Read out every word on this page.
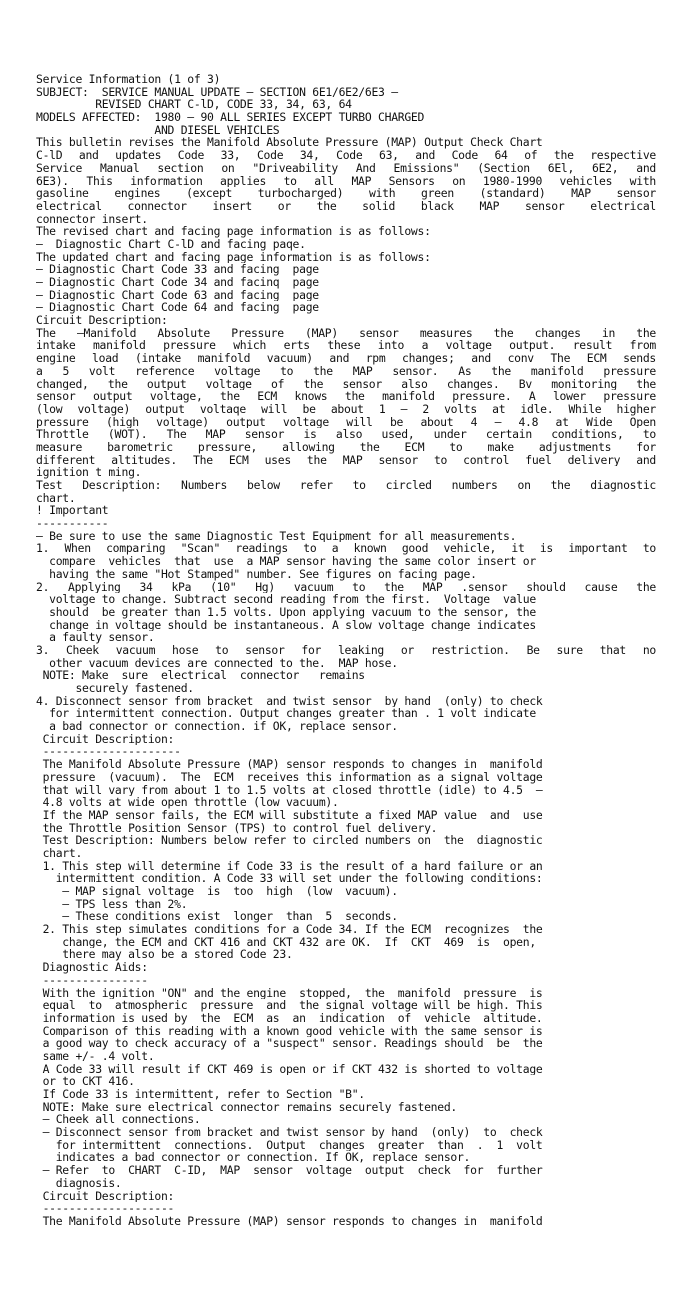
Service Information (1 of 3)
SUBJECT:  SERVICE MANUAL UPDATE – SECTION 6E1/6E2/6E3 –
REVISED CHART C-lD, CODE 33, 34, 63, 64
MODELS AFFECTED:  1980 – 90 ALL SERIES EXCEPT TURBO CHARGED
AND DIESEL VEHICLES
This bulletin revises the Manifold Absolute Pressure (MAP) Output Check Chart
C-lD and updates Code 33, Code 34, Code 63, and Code 64 of the respective
Service Manual section on "Driveability And Emissions" (Section 6El, 6E2, and
6E3). This information applies to all MAP Sensors on 1980-1990 vehicles with
gasoline engines (except turbocharged) with green (standard) MAP sensor
electrical connector insert or the solid black MAP sensor electrical
connector insert.
The revised chart and facing page information is as follows:
–  Diagnostic Chart C-lD and facing paqe.
The updated chart and facing page information is as follows:
– Diagnostic Chart Code 33 and facing  page
– Diagnostic Chart Code 34 and facinq  page
– Diagnostic Chart Code 63 and facing  page
– Diagnostic Chart Code 64 and facing  page
Circuit Description:
The –Manifold Absolute Pressure (MAP) sensor measures the changes in the
intake manifold pressure which erts these into a voltage output. result from
engine load (intake manifold vacuum) and rpm changes; and conv The ECM sends
a 5 volt reference voltage to the MAP sensor. As the manifold pressure
changed, the output voltage of the sensor also changes. Bv monitoring the
sensor output voltage, the ECM knows the manifold pressure. A lower pressure
(low voltage) output voltaqe will be about 1 – 2 volts at idle. While higher
pressure (high voltage) output voltage will be about 4 – 4.8 at Wide Open
Throttle (WOT). The MAP sensor is also used, under certain conditions, to
measure barometric pressure, allowing the ECM to make adjustments for
different altitudes. The ECM uses the MAP sensor to control fuel delivery and
ignition t ming.
Test Description: Numbers below refer to circled numbers on the diagnostic
chart.
! Important
-----------
– Be sure to use the same Diagnostic Test Equipment for all measurements.
1. When comparing "Scan" readings to a known good vehicle, it is important to
compare  vehicles  that  use  a MAP sensor having the same color insert or
having the same "Hot Stamped" number. See figures on facing page.
2. Applying 34 kPa (10" Hg) vacuum to the MAP .sensor should cause the
voltage to change. Subtract second reading from the first.  Voltage  value
should  be greater than 1.5 volts. Upon applying vacuum to the sensor, the
change in voltage should be instantaneous. A slow voltage change indicates
a faulty sensor.
3. Cheek vacuum hose to sensor for leaking or restriction. Be sure that no
other vacuum devices are connected to the.  MAP hose.
NOTE: Make  sure  electrical  connector   remains
securely fastened.
4. Disconnect sensor from bracket  and twist sensor  by hand  (only) to check
for intermittent connection. Output changes greater than . 1 volt indicate
a bad connector or connection. if OK, replace sensor.
Circuit Description:
---------------------
The Manifold Absolute Pressure (MAP) sensor responds to changes in  manifold
pressure  (vacuum).  The  ECM  receives this information as a signal voltage
that will vary from about 1 to 1.5 volts at closed throttle (idle) to 4.5  –
4.8 volts at wide open throttle (low vacuum).
If the MAP sensor fails, the ECM will substitute a fixed MAP value  and  use
the Throttle Position Sensor (TPS) to control fuel delivery.
Test Description: Numbers below refer to circled numbers on  the  diagnostic
chart.
1. This step will determine if Code 33 is the result of a hard failure or an
intermittent condition. A Code 33 will set under the following conditions:
– MAP signal voltage  is  too  high  (low  vacuum).
– TPS less than 2%.
– These conditions exist  longer  than  5  seconds.
2. This step simulates conditions for a Code 34. If the ECM  recognizes  the
change, the ECM and CKT 416 and CKT 432 are OK.  If  CKT  469  is  open,
there may also be a stored Code 23.
Diagnostic Aids:
----------------
With the ignition "ON" and the engine  stopped,  the  manifold  pressure  is
equal  to  atmospheric  pressure  and  the signal voltage will be high. This
information is used by  the  ECM  as  an  indication  of  vehicle  altitude.
Comparison of this reading with a known good vehicle with the same sensor is
a good way to check accuracy of a "suspect" sensor. Readings should  be  the
same +/- .4 volt.
A Code 33 will result if CKT 469 is open or if CKT 432 is shorted to voltage
or to CKT 416.
If Code 33 is intermittent, refer to Section "B".
NOTE: Make sure electrical connector remains securely fastened.
– Cheek all connections.
– Disconnect sensor from bracket and twist sensor by hand  (only)  to  check
for intermittent  connections.  Output  changes  greater  than  .  1  volt
indicates a bad connector or connection. If OK, replace sensor.
– Refer  to  CHART  C-ID,  MAP  sensor  voltage  output  check  for  further
diagnosis.
Circuit Description:
--------------------
The Manifold Absolute Pressure (MAP) sensor responds to changes in  manifold
